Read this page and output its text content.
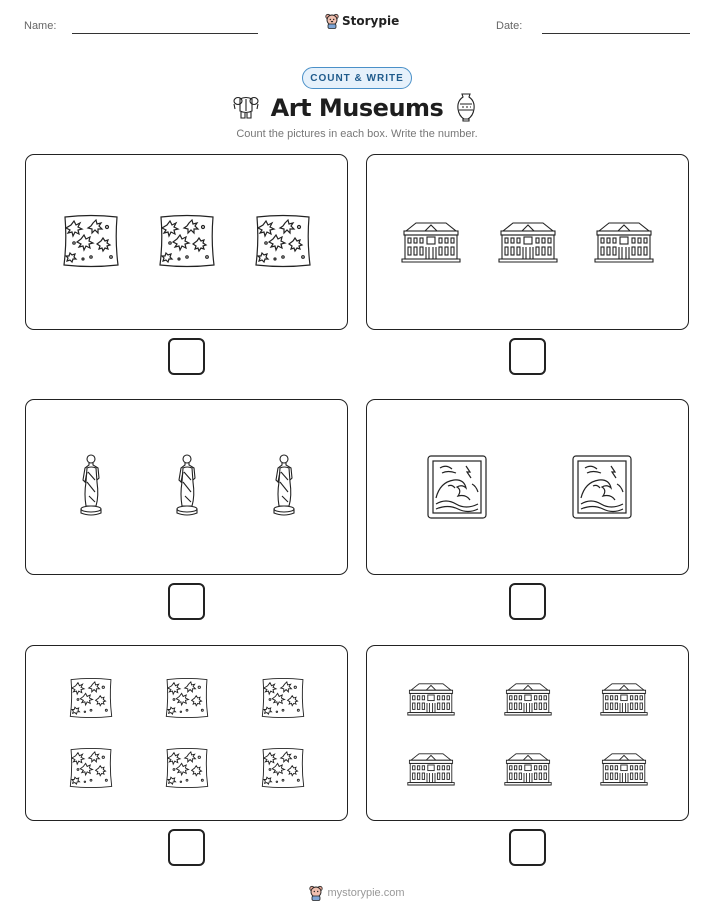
Name:	Storypie	Date:
COUNT & WRITE
Art Museums
Count the pictures in each box. Write the number.
mystorypie.com
